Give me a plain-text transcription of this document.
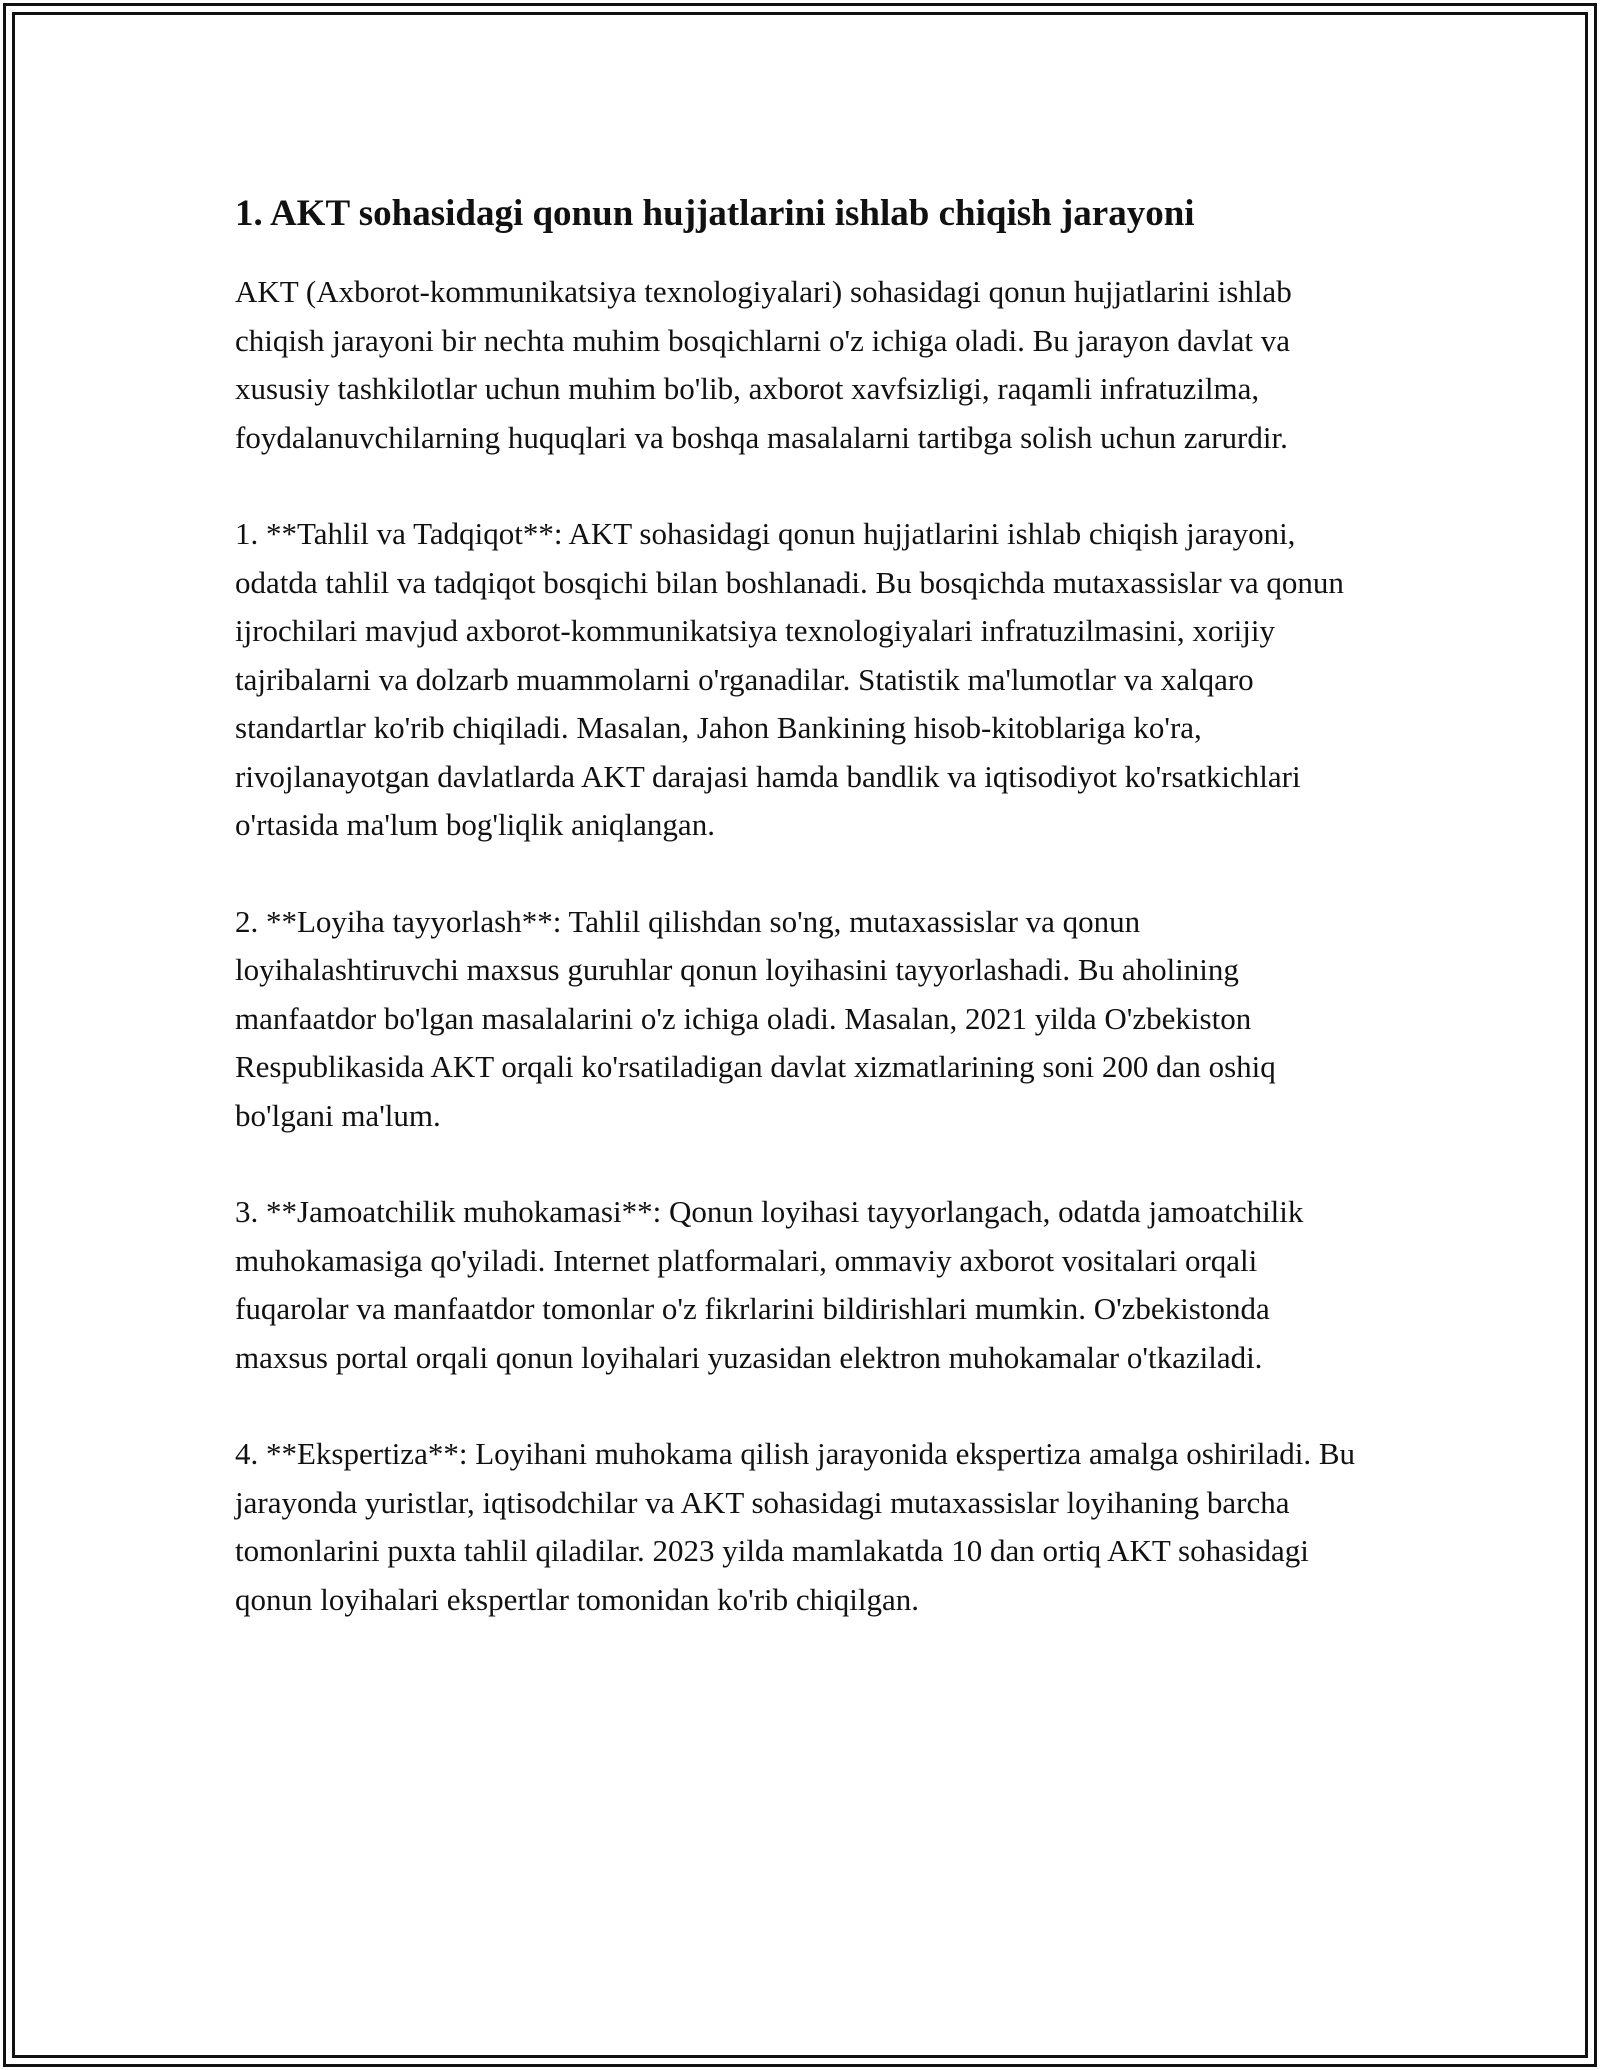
1. AKT sohasidagi qonun hujjatlarini ishlab chiqish jarayoni

AKT (Axborot-kommunikatsiya texnologiyalari) sohasidagi qonun hujjatlarini ishlab chiqish jarayoni bir nechta muhim bosqichlarni o'z ichiga oladi. Bu jarayon davlat va xususiy tashkilotlar uchun muhim bo'lib, axborot xavfsizligi, raqamli infratuzilma, foydalanuvchilarning huquqlari va boshqa masalalarni tartibga solish uchun zarurdir.

1. **Tahlil va Tadqiqot**: AKT sohasidagi qonun hujjatlarini ishlab chiqish jarayoni, odatda tahlil va tadqiqot bosqichi bilan boshlanadi. Bu bosqichda mutaxassislar va qonun ijrochilari mavjud axborot-kommunikatsiya texnologiyalari infratuzilmasini, xorijiy tajribalarni va dolzarb muammolarni o'rganadilar. Statistik ma'lumotlar va xalqaro standartlar ko'rib chiqiladi. Masalan, Jahon Bankining hisob-kitoblariga ko'ra, rivojlanayotgan davlatlarda AKT darajasi hamda bandlik va iqtisodiyot ko'rsatkichlari o'rtasida ma'lum bog'liqlik aniqlangan.

2. **Loyiha tayyorlash**: Tahlil qilishdan so'ng, mutaxassislar va qonun loyihalashtiruvchi maxsus guruhlar qonun loyihasini tayyorlashadi. Bu aholining manfaatdor bo'lgan masalalarini o'z ichiga oladi. Masalan, 2021 yilda O'zbekiston Respublikasida AKT orqali ko'rsatiladigan davlat xizmatlarining soni 200 dan oshiq bo'lgani ma'lum.

3. **Jamoatchilik muhokamasi**: Qonun loyihasi tayyorlangach, odatda jamoatchilik muhokamasiga qo'yiladi. Internet platformalari, ommaviy axborot vositalari orqali fuqarolar va manfaatdor tomonlar o'z fikrlarini bildirishlari mumkin. O'zbekistonda maxsus portal orqali qonun loyihalari yuzasidan elektron muhokamalar o'tkaziladi.

4. **Ekspertiza**: Loyihani muhokama qilish jarayonida ekspertiza amalga oshiriladi. Bu jarayonda yuristlar, iqtisodchilar va AKT sohasidagi mutaxassislar loyihaning barcha tomonlarini puxta tahlil qiladilar. 2023 yilda mamlakatda 10 dan ortiq AKT sohasidagi qonun loyihalari ekspertlar tomonidan ko'rib chiqilgan.
